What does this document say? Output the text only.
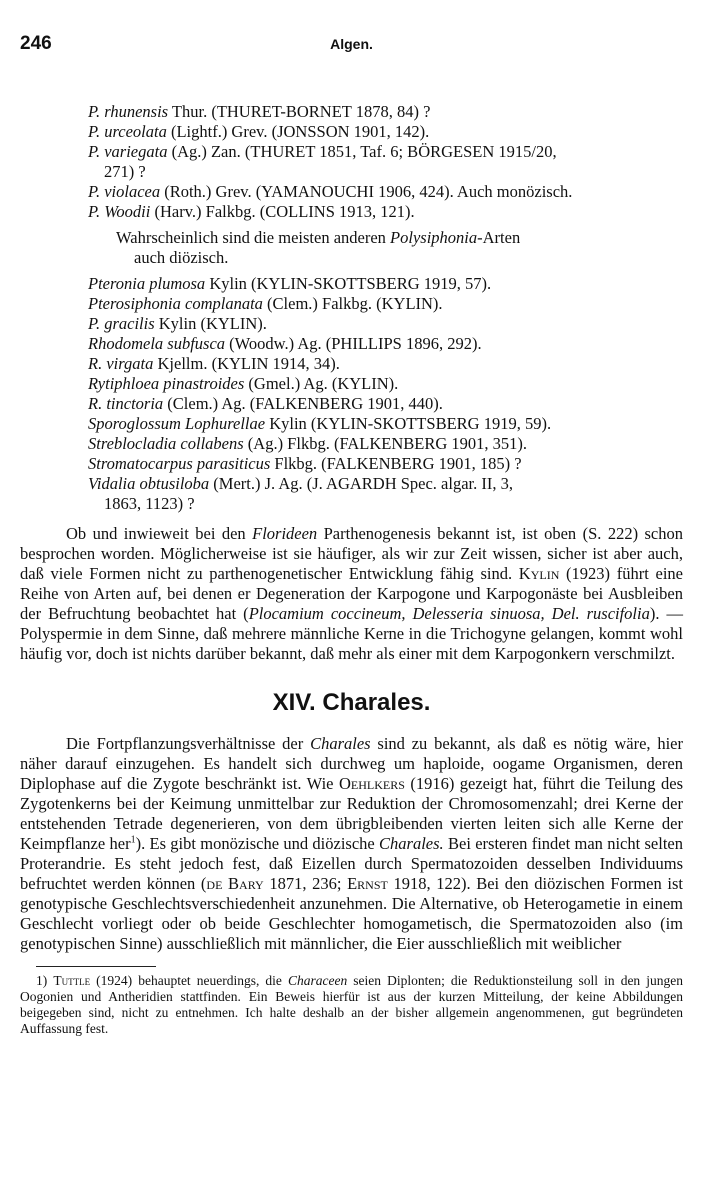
246	Algen.
P. rhunensis Thur. (THURET-BORNET 1878, 84) ?
P. urceolata (Lightf.) Grev. (JONSSON 1901, 142).
P. variegata (Ag.) Zan. (THURET 1851, Taf. 6; BÖRGESEN 1915/20,
271) ?
P. violacea (Roth.) Grev. (YAMANOUCHI 1906, 424). Auch monözisch.
P. Woodii (Harv.) Falkbg. (COLLINS 1913, 121).
Wahrscheinlich sind die meisten anderen Polysiphonia-Arten
auch diözisch.
Pteronia plumosa Kylin (KYLIN-SKOTTSBERG 1919, 57).
Pterosiphonia complanata (Clem.) Falkbg. (KYLIN).
P. gracilis Kylin (KYLIN).
Rhodomela subfusca (Woodw.) Ag. (PHILLIPS 1896, 292).
R. virgata Kjellm. (KYLIN 1914, 34).
Rytiphloea pinastroides (Gmel.) Ag. (KYLIN).
R. tinctoria (Clem.) Ag. (FALKENBERG 1901, 440).
Sporoglossum Lophurellae Kylin (KYLIN-SKOTTSBERG 1919, 59).
Streblocladia collabens (Ag.) Flkbg. (FALKENBERG 1901, 351).
Stromatocarpus parasiticus Flkbg. (FALKENBERG 1901, 185) ?
Vidalia obtusiloba (Mert.) J. Ag. (J. AGARDH Spec. algar. II, 3,
1863, 1123) ?

Ob und inwieweit bei den Florideen Parthenogenesis bekannt ist, ist oben (S. 222) schon besprochen worden. Möglicherweise ist sie häufiger, als wir zur Zeit wissen, sicher ist aber auch, daß viele Formen nicht zu parthenogenetischer Entwicklung fähig sind. Kylin (1923) führt eine Reihe von Arten auf, bei denen er Degeneration der Karpogone und Karpogonäste bei Ausbleiben der Befruchtung beobachtet hat (Plocamium coccineum, Delesseria sinuosa, Del. ruscifolia). — Polyspermie in dem Sinne, daß mehrere männliche Kerne in die Trichogyne gelangen, kommt wohl häufig vor, doch ist nichts darüber bekannt, daß mehr als einer mit dem Karpogonkern verschmilzt.

XIV. Charales.

Die Fortpflanzungsverhältnisse der Charales sind zu bekannt, als daß es nötig wäre, hier näher darauf einzugehen. Es handelt sich durchweg um haploide, oogame Organismen, deren Diplophase auf die Zygote beschränkt ist. Wie Oehlkers (1916) gezeigt hat, führt die Teilung des Zygotenkerns bei der Keimung unmittelbar zur Reduktion der Chromosomenzahl; drei Kerne der entstehenden Tetrade degenerieren, von dem übrigbleibenden vierten leiten sich alle Kerne der Keimpflanze her$^1$). Es gibt monözische und diözische Charales. Bei ersteren findet man nicht selten Proterandrie. Es steht jedoch fest, daß Eizellen durch Spermatozoiden desselben Individuums befruchtet werden können (de Bary 1871, 236; Ernst 1918, 122). Bei den diözischen Formen ist genotypische Geschlechtsverschiedenheit anzunehmen. Die Alternative, ob Heterogametie in einem Geschlecht vorliegt oder ob beide Geschlechter homogametisch, die Spermatozoiden also (im genotypischen Sinne) ausschließlich mit männlicher, die Eier ausschließlich mit weiblicher

1) Tuttle (1924) behauptet neuerdings, die Characeen seien Diplonten; die Reduktionsteilung soll in den jungen Oogonien und Antheridien stattfinden. Ein Beweis hierfür ist aus der kurzen Mitteilung, der keine Abbildungen beigegeben sind, nicht zu entnehmen. Ich halte deshalb an der bisher allgemein angenommenen, gut begründeten Auffassung fest.
